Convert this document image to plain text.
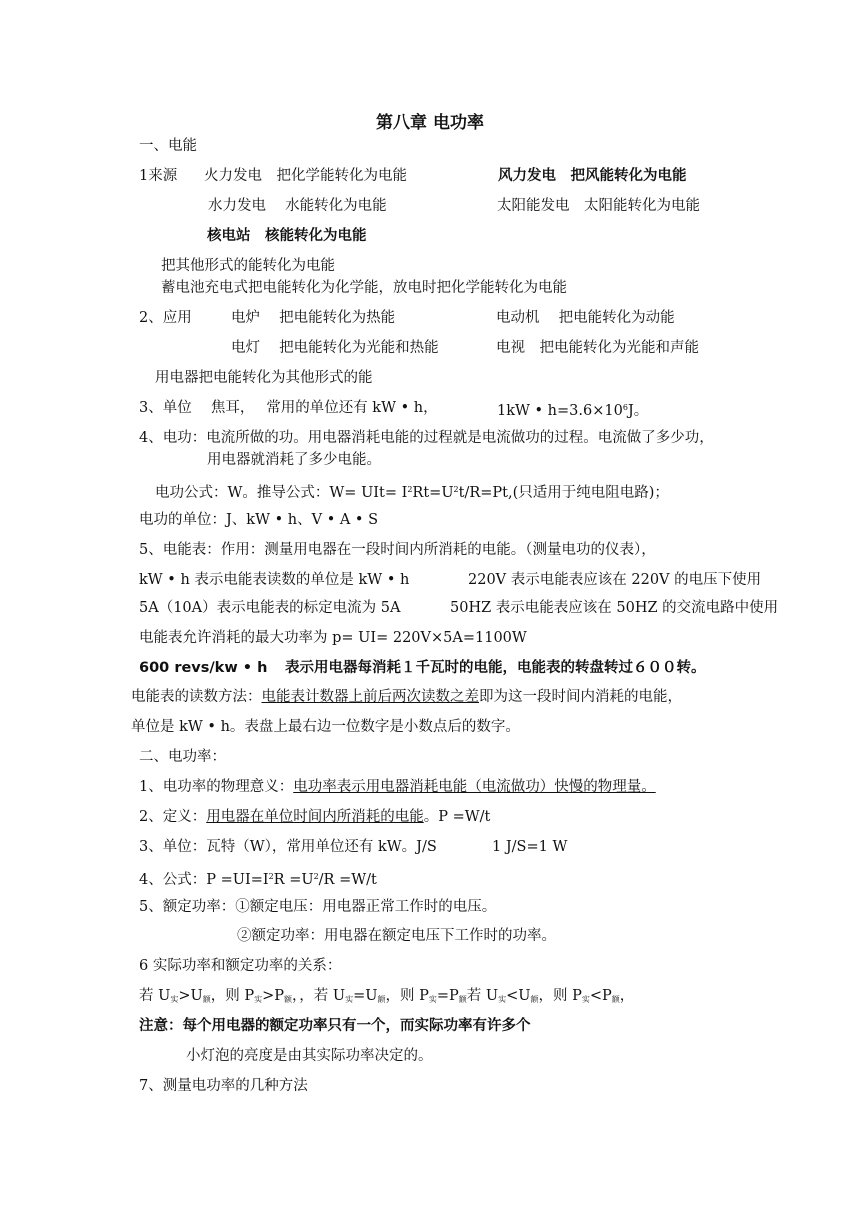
第八章 电功率
一、电能
1来源 火力发电　把化学能转化为电能	风力发电　把风能转化为电能
水力发电　 水能转化为电能	太阳能发电　太阳能转化为电能
核电站　核能转化为电能
把其他形式的能转化为电能
蓄电池充电式把电能转化为化学能，放电时把化学能转化为电能
2、应用	电炉　 把电能转化为热能	电动机　 把电能转化为动能
电灯　 把电能转化为光能和热能	电视　把电能转化为光能和声能
用电器把电能转化为其他形式的能
3、单位　 焦耳，　 常用的单位还有 kW • h，	1kW • $h=3.6\times 10^6J$。
4、电功：电流所做的功。用电器消耗电能的过程就是电流做功的过程。电流做了多少功，
用电器就消耗了多少电能。
电功公式：W。推导公式：$W= UIt= I^2Rt=U^2t/R=Pt$,(只适用于纯电阻电路)；
电功的单位：J、kW • h、V • A • S
5、电能表：作用：测量用电器在一段时间内所消耗的电能。（测量电功的仪表），
kW • h 表示电能表读数的单位是 kW • h	220V 表示电能表应该在 220V 的电压下使用
5A（10A）表示电能表的标定电流为 5A	50HZ 表示电能表应该在 50HZ 的交流电路中使用
电能表允许消耗的最大功率为 p= UI= 220V×5A=1100W
600 revs/kw • h 表示用电器每消耗１千瓦时的电能，电能表的转盘转过６００转。
电能表的读数方法：电能表计数器上前后两次读数之差即为这一段时间内消耗的电能，
单位是 kW • h。表盘上最右边一位数字是小数点后的数字。
二、电功率：
1、电功率的物理意义：电功率表示用电器消耗电能（电流做功）快慢的物理量。
2、定义：用电器在单位时间内所消耗的电能。P =W/t
3、单位：瓦特（W），常用单位还有 kW。J/S	1 J/S=1 W
4、公式：$P =UI=I^2R =U^2/R =W/t$
5、额定功率：①额定电压：用电器正常工作时的电压。
②额定功率：用电器在额定电压下工作时的功率。
6 实际功率和额定功率的关系：
若 $U_实>U_额$，则 $P_实>P_额$，，若 $U_实=U_额$，则 $P_实=P_额$若 $U_实<U_额$，则 $P_实<P_额$，
注意：每个用电器的额定功率只有一个，而实际功率有许多个
小灯泡的亮度是由其实际功率决定的。
7、测量电功率的几种方法
